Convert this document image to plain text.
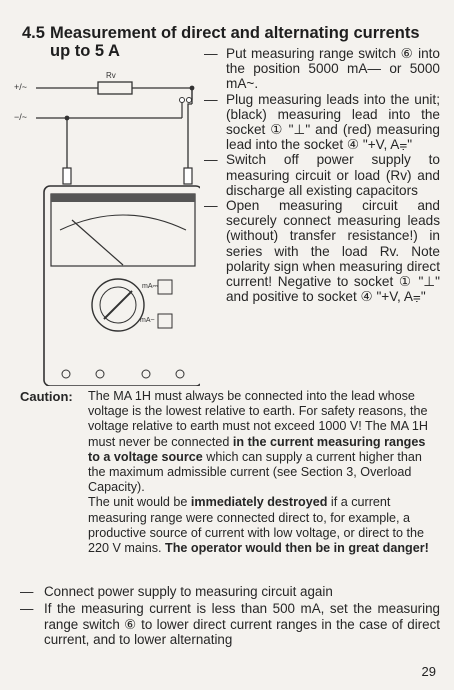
4.5 Measurement of direct and alternating currents
up to 5 A
+/~
−/~
Rv
mA⎓
mA~
— Put measuring range switch ⑥ into the position 5000 mA— or 5000 mA~.
— Plug measuring leads into the unit; (black) measuring lead into the socket ① "⊥" and (red) measuring lead into the socket ④ "+V, A⩦"
— Switch off power supply to measuring circuit or load (Rv) and discharge all existing capacitors
— Open measuring circuit and securely connect measuring leads (without) transfer resistance!) in series with the load Rv. Note polarity sign when measuring direct current! Negative to socket ① "⊥" and positive to socket ④ "+V, A⩦"
Caution: The MA 1H must always be connected into the lead whose voltage is the lowest relative to earth. For safety reasons, the voltage relative to earth must not exceed 1000 V! The MA 1H must never be connected in the current measuring ranges to a voltage source which can supply a current higher than the maximum admissible current (see Section 3, Overload Capacity).

The unit would be immediately destroyed if a current measuring range were connected direct to, for example, a productive source of current with low voltage, or direct to the 220 V mains. The operator would then be in great danger!

— Connect power supply to measuring circuit again
— If the measuring current is less than 500 mA, set the measuring range switch ⑥ to lower direct current ranges in the case of direct current, and to lower alternating
29
